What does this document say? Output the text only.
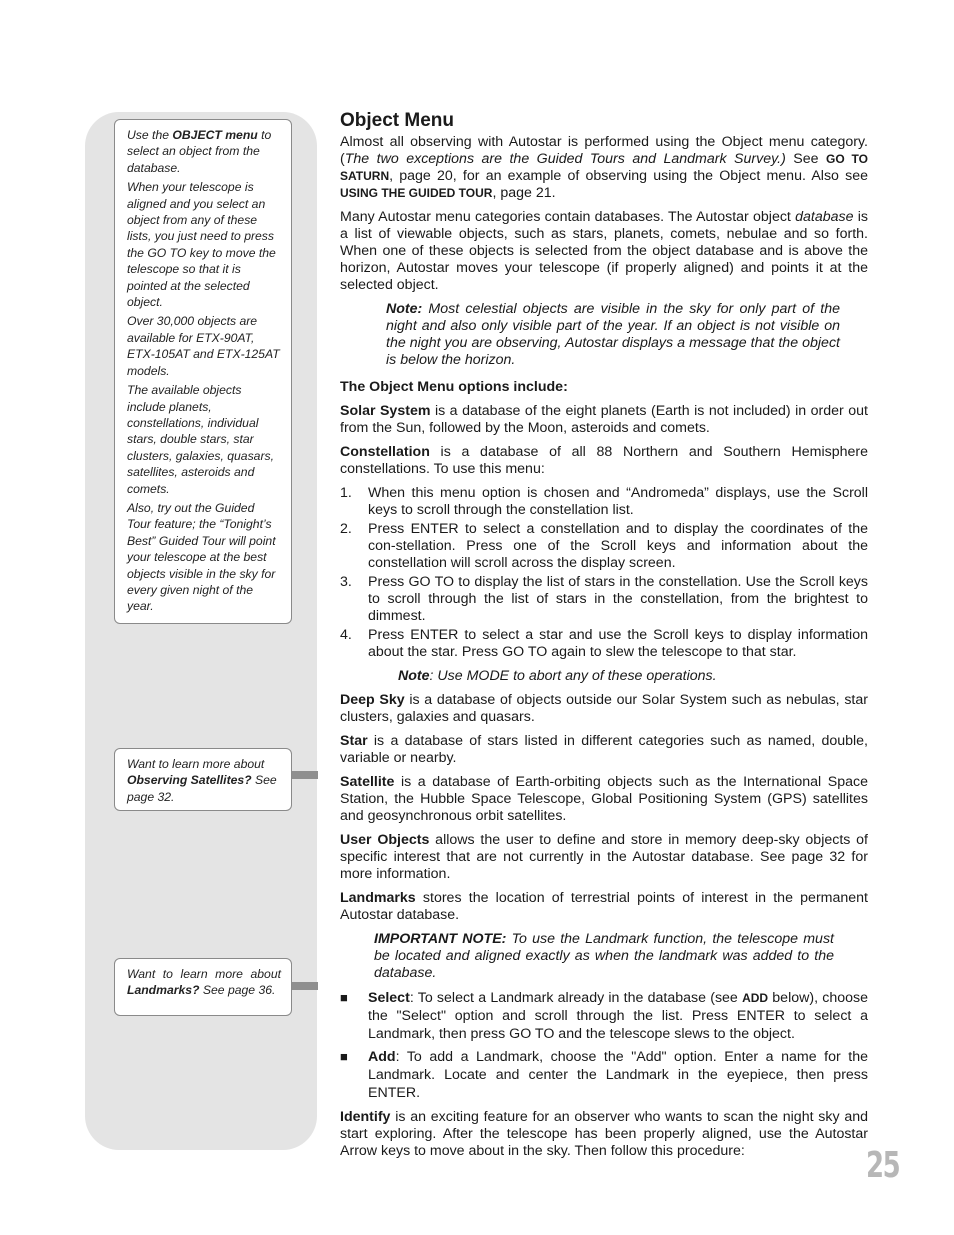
Use the OBJECT menu to select an object from the database.

When your telescope is aligned and you select an object from any of these lists, you just need to press the GO TO key to move the telescope so that it is pointed at the selected object.

Over 30,000 objects are available for ETX-90AT, ETX-105AT and ETX-125AT models.

The available objects include planets, constellations, individual stars, double stars, star clusters, galaxies, quasars, satellites, asteroids and comets.

Also, try out the Guided Tour feature; the “Tonight’s Best” Guided Tour will point your telescope at the best objects visible in the sky for every given night of the year.

Want to learn more about Observing Satellites? See page 32.

Want to learn more about Landmarks? See page 36.

Object Menu

Almost all observing with Autostar is performed using the Object menu category. (The two exceptions are the Guided Tours and Landmark Survey.) See GO TO SATURN, page 20, for an example of observing using the Object menu. Also see USING THE GUIDED TOUR, page 21.

Many Autostar menu categories contain databases. The Autostar object database is a list of viewable objects, such as stars, planets, comets, nebulae and so forth. When one of these objects is selected from the object database and is above the horizon, Autostar moves your telescope (if properly aligned) and points it at the selected object.

Note: Most celestial objects are visible in the sky for only part of the night and also only visible part of the year. If an object is not visible on the night you are observing, Autostar displays a message that the object is below the horizon.

The Object Menu options include:

Solar System is a database of the eight planets (Earth is not included) in order out from the Sun, followed by the Moon, asteroids and comets.

Constellation is a database of all 88 Northern and Southern Hemisphere constellations. To use this menu:

1. When this menu option is chosen and “Andromeda” displays, use the Scroll keys to scroll through the constellation list.
2. Press ENTER to select a constellation and to display the coordinates of the con-stellation. Press one of the Scroll keys and information about the constellation will scroll across the display screen.
3. Press GO TO to display the list of stars in the constellation. Use the Scroll keys to scroll through the list of stars in the constellation, from the brightest to dimmest.
4. Press ENTER to select a star and use the Scroll keys to display information about the star. Press GO TO again to slew the telescope to that star.

Note: Use MODE to abort any of these operations.

Deep Sky is a database of objects outside our Solar System such as nebulas, star clusters, galaxies and quasars.

Star is a database of stars listed in different categories such as named, double, variable or nearby.

Satellite is a database of Earth-orbiting objects such as the International Space Station, the Hubble Space Telescope, Global Positioning System (GPS) satellites and geosynchronous orbit satellites.

User Objects allows the user to define and store in memory deep-sky objects of specific interest that are not currently in the Autostar database. See page 32 for more information.

Landmarks stores the location of terrestrial points of interest in the permanent Autostar database.

IMPORTANT NOTE: To use the Landmark function, the telescope must be located and aligned exactly as when the landmark was added to the database.

■ Select: To select a Landmark already in the database (see ADD below), choose the "Select" option and scroll through the list. Press ENTER to select a Landmark, then press GO TO and the telescope slews to the object.
■ Add: To add a Landmark, choose the "Add" option. Enter a name for the Landmark. Locate and center the Landmark in the eyepiece, then press ENTER.

Identify is an exciting feature for an observer who wants to scan the night sky and start exploring. After the telescope has been properly aligned, use the Autostar Arrow keys to move about in the sky. Then follow this procedure:	25
